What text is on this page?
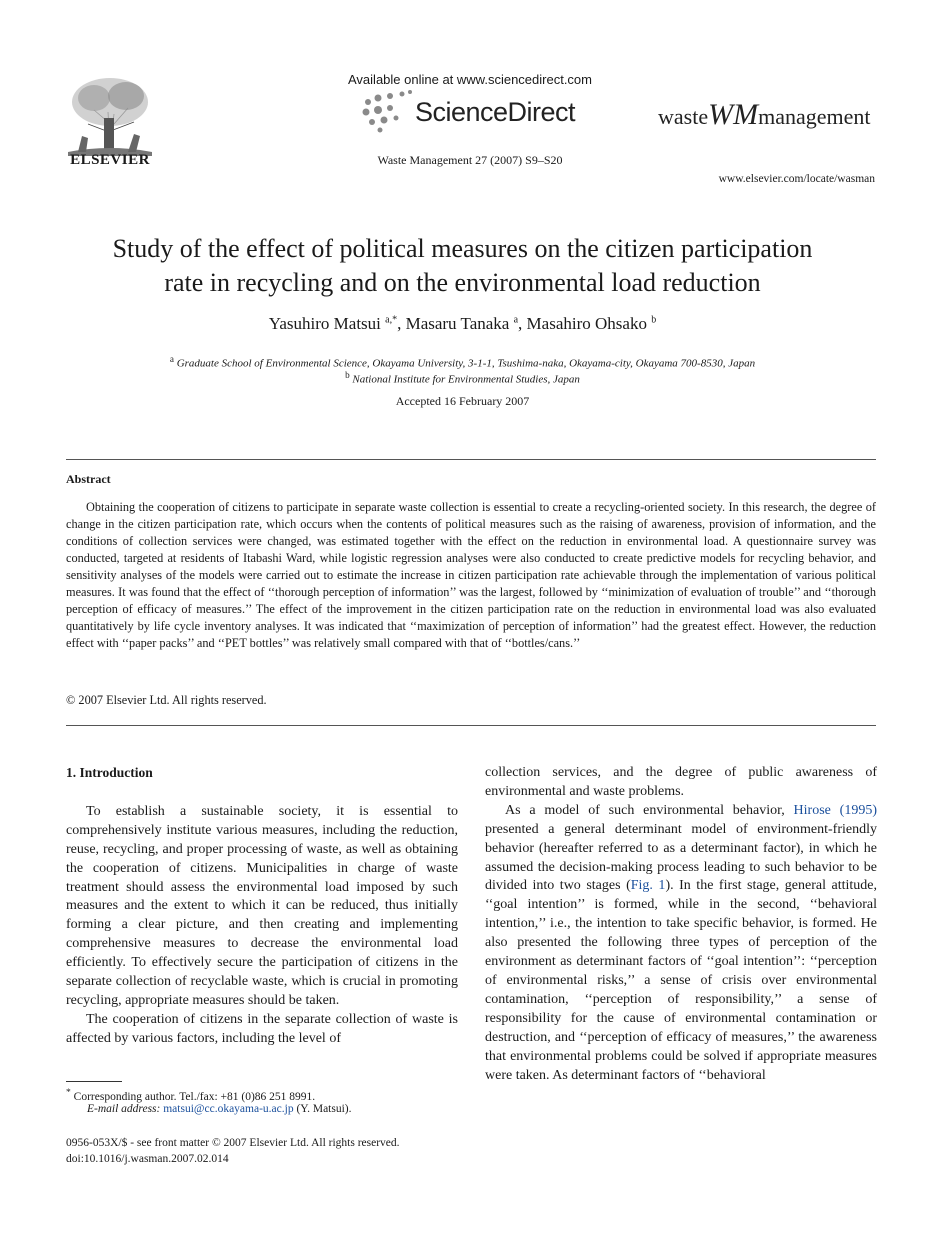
ELSEVIER
Available online at www.sciencedirect.com
ScienceDirect
Waste Management 27 (2007) S9–S20
wasteWMmanagement
www.elsevier.com/locate/wasman
Study of the effect of political measures on the citizen participation
rate in recycling and on the environmental load reduction
Yasuhiro Matsui $^{a,*}$, Masaru Tanaka $^a$, Masahiro Ohsako $^b$
$^a$ Graduate School of Environmental Science, Okayama University, 3-1-1, Tsushima-naka, Okayama-city, Okayama 700-8530, Japan
$^b$ National Institute for Environmental Studies, Japan
Accepted 16 February 2007
Abstract

Obtaining the cooperation of citizens to participate in separate waste collection is essential to create a recycling-oriented society. In this research, the degree of change in the citizen participation rate, which occurs when the contents of political measures such as the raising of awareness, provision of information, and the conditions of collection services were changed, was estimated together with the effect on the reduction in environmental load. A questionnaire survey was conducted, targeted at residents of Itabashi Ward, while logistic regression analyses were also conducted to create predictive models for recycling behavior, and sensitivity analyses of the models were carried out to estimate the increase in citizen participation rate achievable through the implementation of various political measures. It was found that the effect of ‘‘thorough perception of information’’ was the largest, followed by ‘‘minimization of evaluation of trouble’’ and ‘‘thorough perception of efficacy of measures.’’ The effect of the improvement in the citizen participation rate on the reduction in environmental load was also evaluated quantitatively by life cycle inventory analyses. It was indicated that ‘‘maximization of perception of information’’ had the greatest effect. However, the reduction effect with ‘‘paper packs’’ and ‘‘PET bottles’’ was relatively small compared with that of ‘‘bottles/cans.’’

© 2007 Elsevier Ltd. All rights reserved.
1. Introduction

To establish a sustainable society, it is essential to comprehensively institute various measures, including the reduction, reuse, recycling, and proper processing of waste, as well as obtaining the cooperation of citizens. Municipalities in charge of waste treatment should assess the environmental load imposed by such measures and the extent to which it can be reduced, thus initially forming a clear picture, and then creating and implementing comprehensive measures to decrease the environmental load efficiently. To effectively secure the participation of citizens in the separate collection of recyclable waste, which is crucial in promoting recycling, appropriate measures should be taken.

The cooperation of citizens in the separate collection of waste is affected by various factors, including the level of

collection services, and the degree of public awareness of environmental and waste problems.

As a model of such environmental behavior, Hirose (1995) presented a general determinant model of environment-friendly behavior (hereafter referred to as a determinant factor), in which he assumed the decision-making process leading to such behavior to be divided into two stages (Fig. 1). In the first stage, general attitude, ‘‘goal intention’’ is formed, while in the second, ‘‘behavioral intention,’’ i.e., the intention to take specific behavior, is formed. He also presented the following three types of perception of the environment as determinant factors of ‘‘goal intention’’: ‘‘perception of environmental risks,’’ a sense of crisis over environmental contamination, ‘‘perception of responsibility,’’ a sense of responsibility for the cause of environmental contamination or destruction, and ‘‘perception of efficacy of measures,’’ the awareness that environmental problems could be solved if appropriate measures were taken. As determinant factors of ‘‘behavioral

* Corresponding author. Tel./fax: +81 (0)86 251 8991.
E-mail address: matsui@cc.okayama-u.ac.jp (Y. Matsui).
0956-053X/$ - see front matter © 2007 Elsevier Ltd. All rights reserved.
doi:10.1016/j.wasman.2007.02.014
